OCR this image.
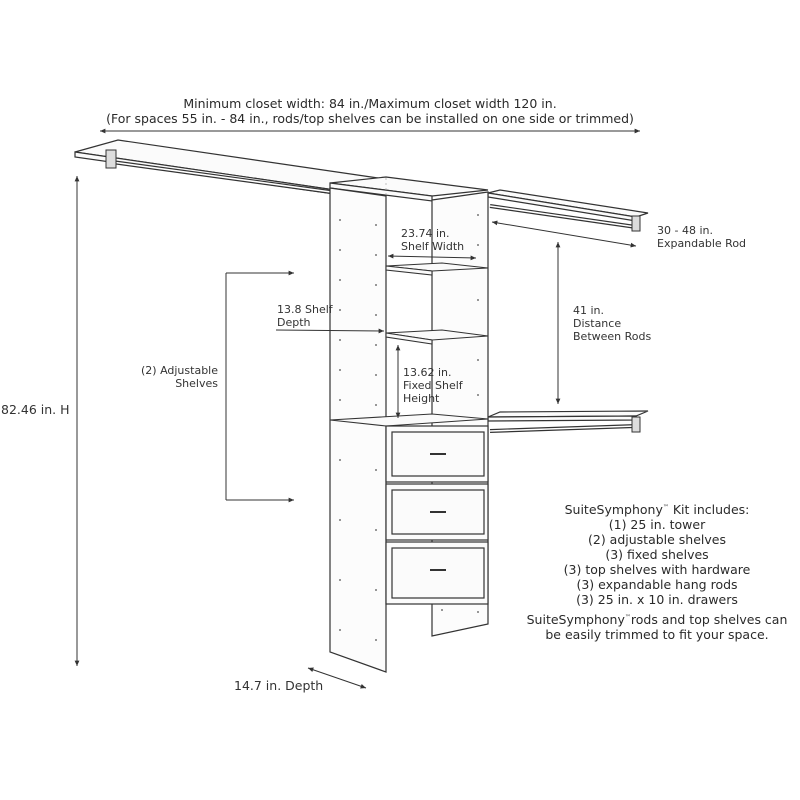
Minimum closet width: 84 in./Maximum closet width 120 in.
(For spaces 55 in. - 84 in., rods/top shelves can be installed on one side or trimmed)
82.46 in. H
14.7 in. Depth
23.74 in.
Shelf Width
13.8 Shelf
Depth
(2) Adjustable
Shelves
13.62 in.
Fixed Shelf
Height
30 - 48 in.
Expandable Rod
41 in.
Distance
Between Rods
SuiteSymphony™ Kit includes:
(1) 25 in. tower
(2) adjustable shelves
(3) fixed shelves
(3) top shelves with hardware
(3) expandable hang rods
(3) 25 in. x 10 in. drawers
SuiteSymphony™rods and top shelves can
be easily trimmed to fit your space.
